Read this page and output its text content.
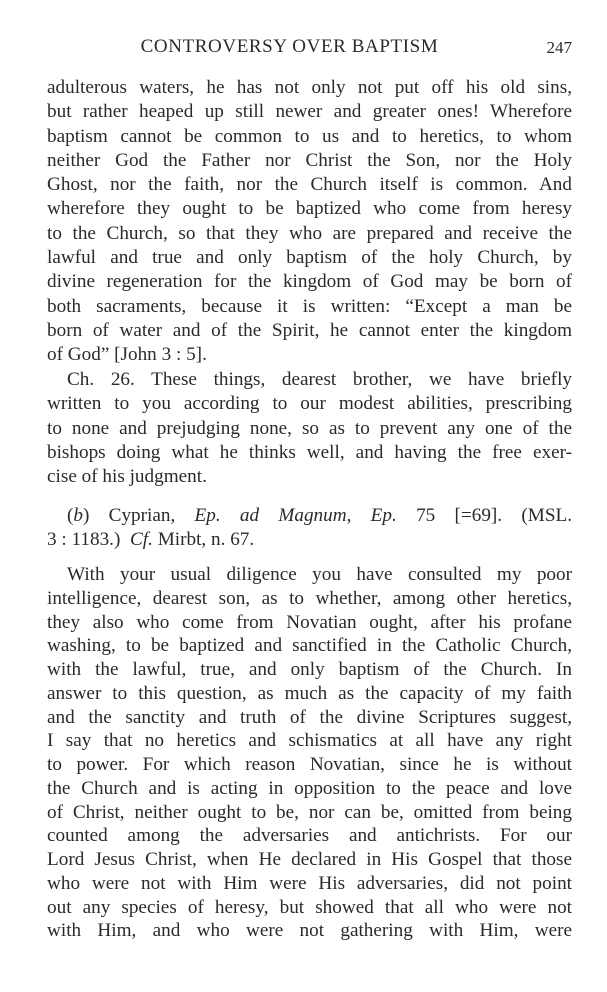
CONTROVERSY OVER BAPTISM	247
adulterous waters, he has not only not put off his old sins,
but rather heaped up still newer and greater ones! Wherefore
baptism cannot be common to us and to heretics, to whom
neither God the Father nor Christ the Son, nor the Holy
Ghost, nor the faith, nor the Church itself is common. And
wherefore they ought to be baptized who come from heresy
to the Church, so that they who are prepared and receive the
lawful and true and only baptism of the holy Church, by
divine regeneration for the kingdom of God may be born of
both sacraments, because it is written: “Except a man be
born of water and of the Spirit, he cannot enter the kingdom
of God” [John 3 : 5].
Ch. 26. These things, dearest brother, we have briefly
written to you according to our modest abilities, prescribing
to none and prejudging none, so as to prevent any one of the
bishops doing what he thinks well, and having the free exer-
cise of his judgment.
(b) Cyprian, Ep. ad Magnum, Ep. 75 [=69]. (MSL.
3 : 1183.)  Cf. Mirbt, n. 67.
With your usual diligence you have consulted my poor
intelligence, dearest son, as to whether, among other heretics,
they also who come from Novatian ought, after his profane
washing, to be baptized and sanctified in the Catholic Church,
with the lawful, true, and only baptism of the Church. In
answer to this question, as much as the capacity of my faith
and the sanctity and truth of the divine Scriptures suggest,
I say that no heretics and schismatics at all have any right
to power. For which reason Novatian, since he is without
the Church and is acting in opposition to the peace and love
of Christ, neither ought to be, nor can be, omitted from being
counted among the adversaries and antichrists. For our
Lord Jesus Christ, when He declared in His Gospel that those
who were not with Him were His adversaries, did not point
out any species of heresy, but showed that all who were not
with Him, and who were not gathering with Him, were
